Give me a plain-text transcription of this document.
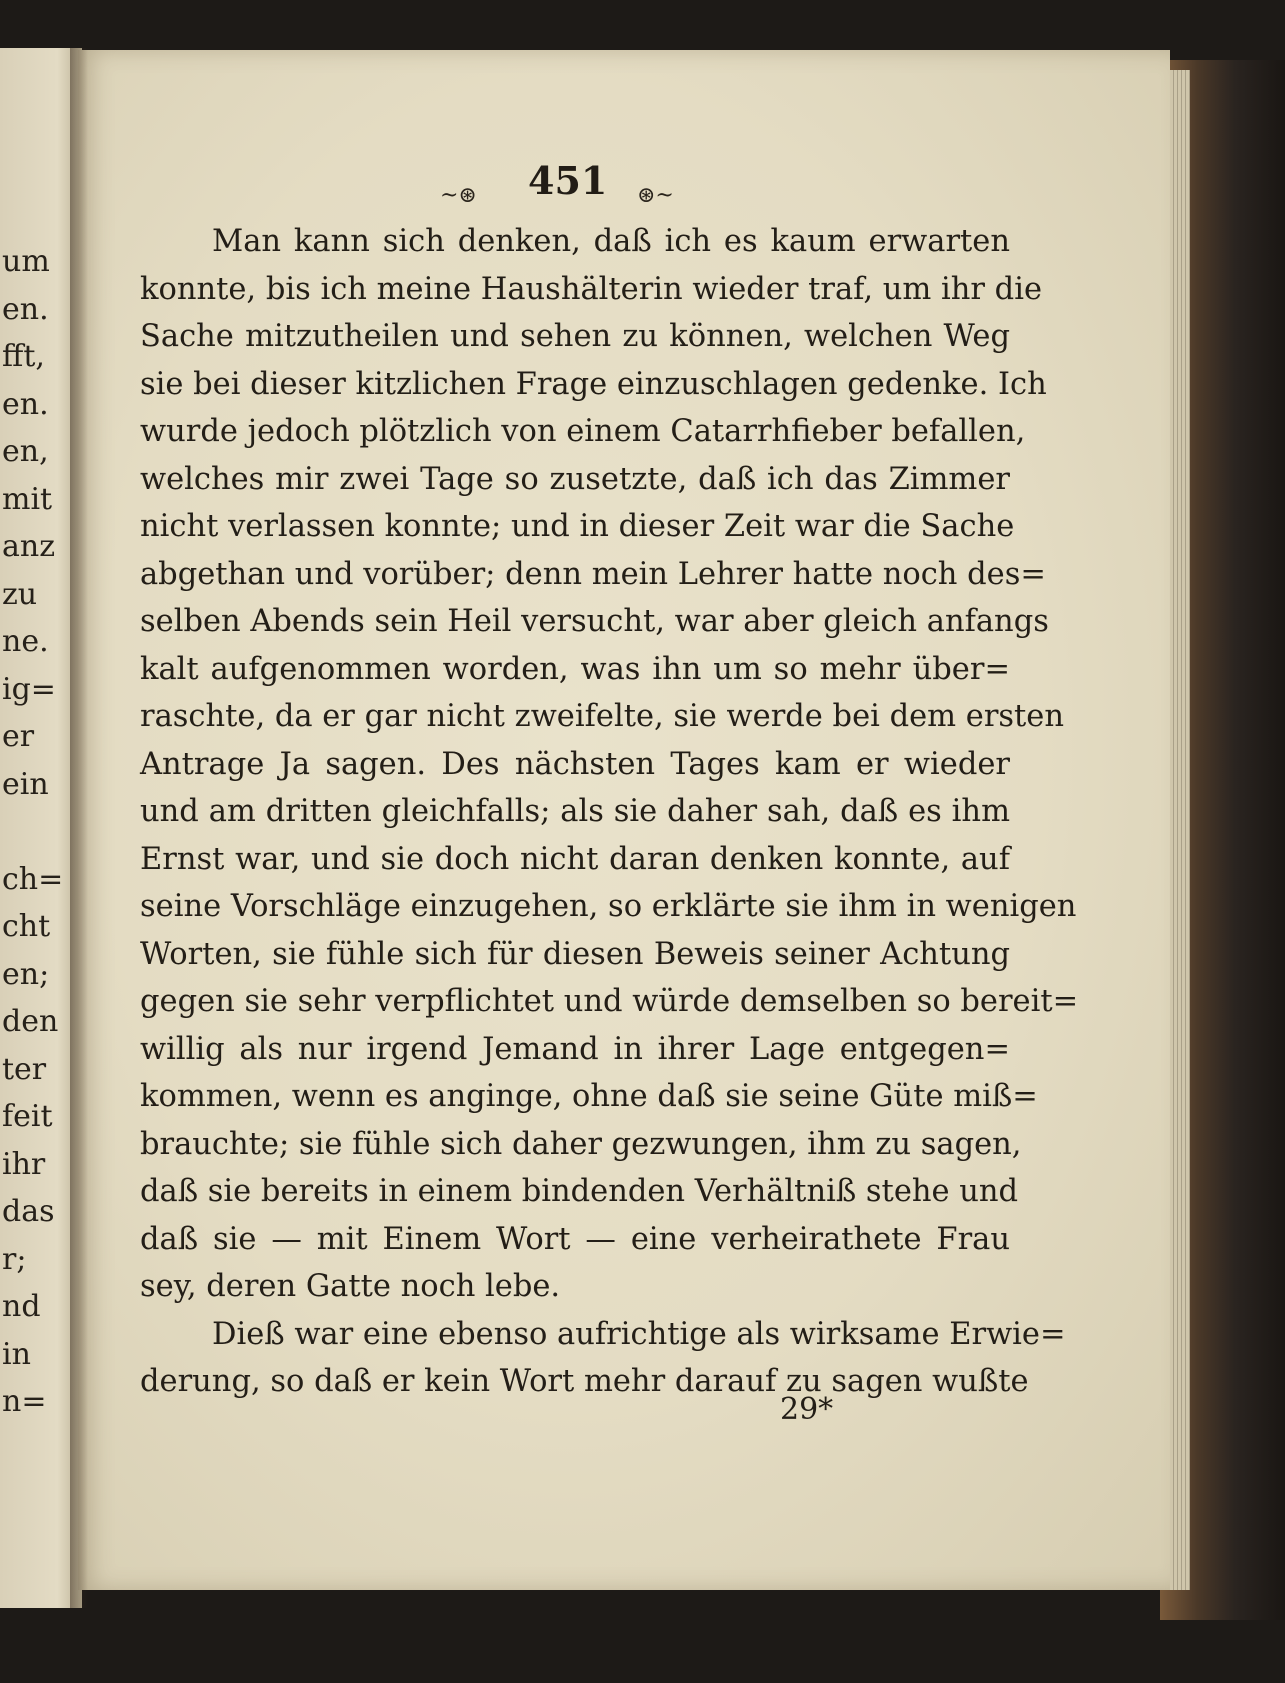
um
en.
fft,
en.
en,
mit
anz
zu
ne.
ig=
er
ein
ch=
cht
en;
den
ter
feit
ihr
das
r;
nd
in
n=
~⊛ 451 ⊛~
Man kann sich denken, daß ich es kaum erwarten
konnte, bis ich meine Haushälterin wieder traf, um ihr die
Sache mitzutheilen und sehen zu können, welchen Weg
sie bei dieser kitzlichen Frage einzuschlagen gedenke. Ich
wurde jedoch plötzlich von einem Catarrhfieber befallen,
welches mir zwei Tage so zusetzte, daß ich das Zimmer
nicht verlassen konnte; und in dieser Zeit war die Sache
abgethan und vorüber; denn mein Lehrer hatte noch des=
selben Abends sein Heil versucht, war aber gleich anfangs
kalt aufgenommen worden, was ihn um so mehr über=
raschte, da er gar nicht zweifelte, sie werde bei dem ersten
Antrage Ja sagen. Des nächsten Tages kam er wieder
und am dritten gleichfalls; als sie daher sah, daß es ihm
Ernst war, und sie doch nicht daran denken konnte, auf
seine Vorschläge einzugehen, so erklärte sie ihm in wenigen
Worten, sie fühle sich für diesen Beweis seiner Achtung
gegen sie sehr verpflichtet und würde demselben so bereit=
willig als nur irgend Jemand in ihrer Lage entgegen=
kommen, wenn es anginge, ohne daß sie seine Güte miß=
brauchte; sie fühle sich daher gezwungen, ihm zu sagen,
daß sie bereits in einem bindenden Verhältniß stehe und
daß sie — mit Einem Wort — eine verheirathete Frau
sey, deren Gatte noch lebe.
Dieß war eine ebenso aufrichtige als wirksame Erwie=
derung, so daß er kein Wort mehr darauf zu sagen wußte
29*
